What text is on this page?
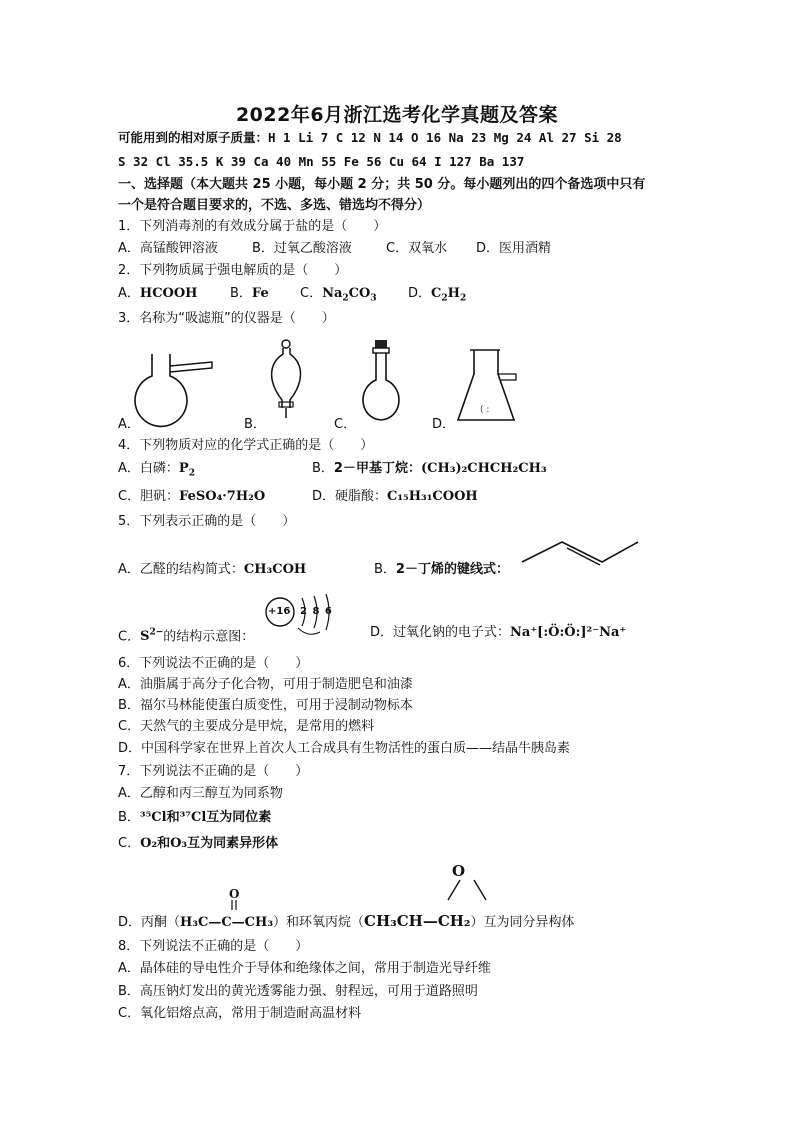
2022年6月浙江选考化学真题及答案
可能用到的相对原子质量：H 1 Li 7 C 12 N 14 O 16 Na 23 Mg 24 Al 27 Si 28
S 32 Cl 35.5 K 39 Ca 40 Mn 55 Fe 56 Cu 64 I 127 Ba 137
一、选择题（本大题共 25 小题，每小题 2 分；共 50 分。每小题列出的四个备选项中只有
一个是符合题目要求的，不选、多选、错选均不得分）
1．下列消毒剂的有效成分属于盐的是（　　）
A．高锰酸钾溶液	B．过氧乙酸溶液	C．双氧水 D．医用酒精
2．下列物质属于强电解质的是（　　）
A．HCOOH	B．Fe C．$Na_2CO_3$ D．$C_2H_2$
3．名称为“吸滤瓶”的仪器是（　　）
( :
A．	B．	C．	D．
4．下列物质对应的化学式正确的是（　　）
A．白磷：$P_2$	B．2－甲基丁烷：(CH₃)₂CHCH₂CH₃
C．胆矾：FeSO₄·7H₂O	D．硬脂酸：C₁₅H₃₁COOH
5．下列表示正确的是（　　）
A．乙醛的结构简式：CH₃COH	B．2－丁烯的键线式：
C．$S^{2-}$的结构示意图：
+16 2 8 6
D．过氧化钠的电子式：Na⁺[:Ö:Ö:]²⁻Na⁺
6．下列说法不正确的是（　　）
A．油脂属于高分子化合物，可用于制造肥皂和油漆
B．福尔马林能使蛋白质变性，可用于浸制动物标本
C．天然气的主要成分是甲烷，是常用的燃料
D．中国科学家在世界上首次人工合成具有生物活性的蛋白质——结晶牛胰岛素
7．下列说法不正确的是（　　）
A．乙醇和丙三醇互为同系物
B．³⁵Cl和³⁷Cl互为同位素
C．O₂和O₃互为同素异形体
O
O
D．丙酮（H₃C—C—CH₃）和环氧丙烷（CH₃CH—CH₂）互为同分异构体
8．下列说法不正确的是（　　）
A．晶体硅的导电性介于导体和绝缘体之间，常用于制造光导纤维
B．高压钠灯发出的黄光透雾能力强、射程远，可用于道路照明
C．氧化铝熔点高，常用于制造耐高温材料
